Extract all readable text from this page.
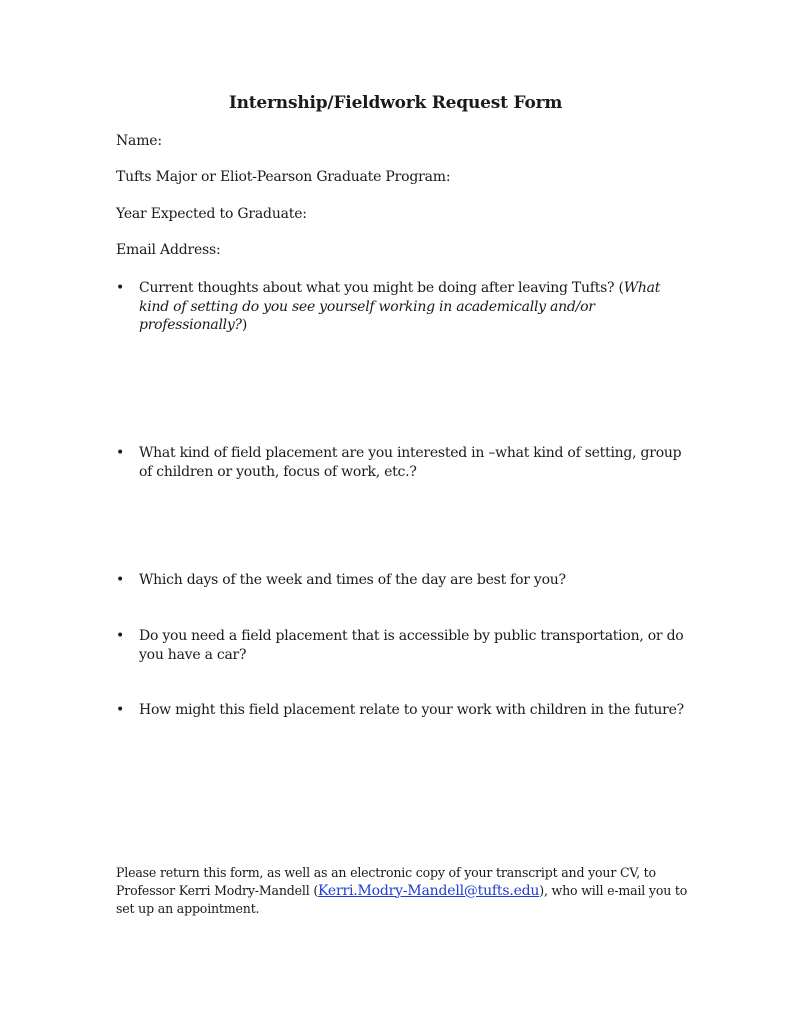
Internship/Fieldwork Request Form
Name:
Tufts Major or Eliot-Pearson Graduate Program:
Year Expected to Graduate:
Email Address:
•	Current thoughts about what you might be doing after leaving Tufts? (What kind of setting do you see yourself working in academically and/or professionally?)
•	What kind of field placement are you interested in –what kind of setting, group of children or youth, focus of work, etc.?
•	Which days of the week and times of the day are best for you?
•	Do you need a field placement that is accessible by public transportation, or do you have a car?
•	How might this field placement relate to your work with children in the future?
Please return this form, as well as an electronic copy of your transcript and your CV, to Professor Kerri Modry-Mandell (Kerri.Modry-Mandell@tufts.edu), who will e-mail you to set up an appointment.
